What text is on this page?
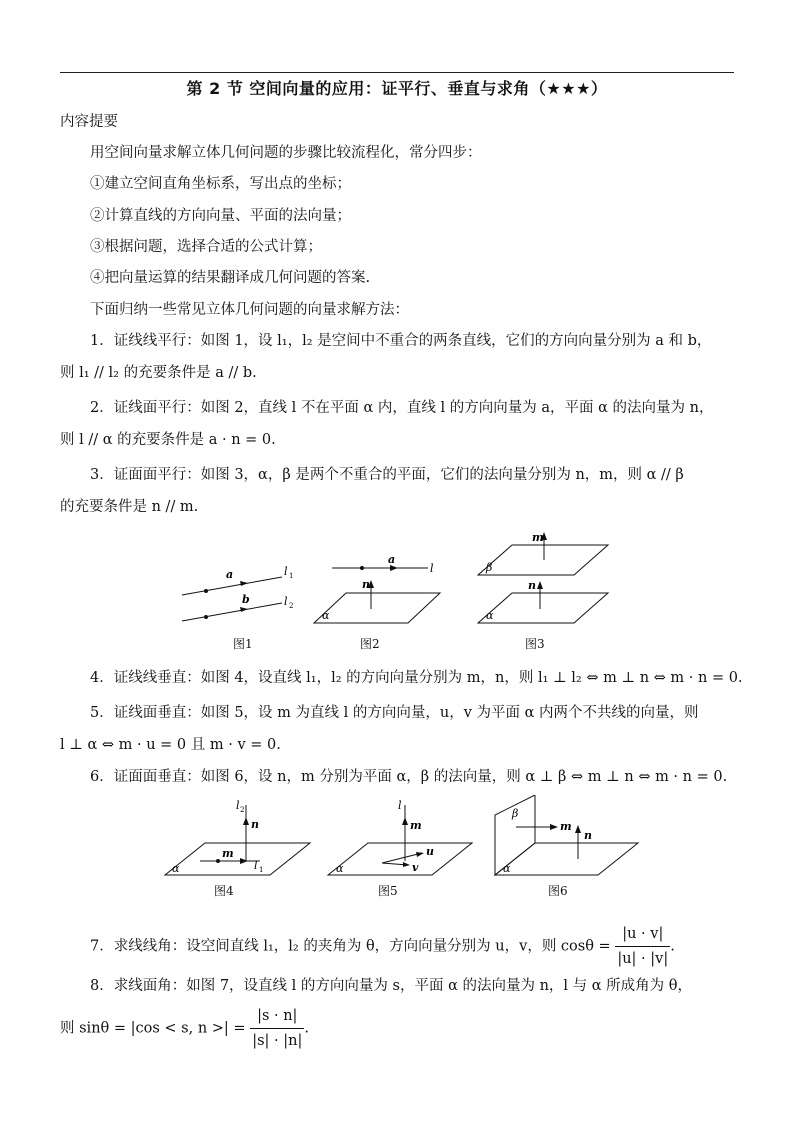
第 2 节 空间向量的应用：证平行、垂直与求角（★★★）
内容提要
用空间向量求解立体几何问题的步骤比较流程化，常分四步：
①建立空间直角坐标系，写出点的坐标；
②计算直线的方向向量、平面的法向量；
③根据问题，选择合适的公式计算；
④把向量运算的结果翻译成几何问题的答案.
下面归纳一些常见立体几何问题的向量求解方法：
1．证线线平行：如图 1，设 l₁，l₂ 是空间中不重合的两条直线，它们的方向向量分别为 a 和 b，
则 l₁ // l₂ 的充要条件是 a // b.
2．证线面平行：如图 2，直线 l 不在平面 α 内，直线 l 的方向向量为 a，平面 α 的法向量为 n，
则 l // α 的充要条件是 a · n = 0.
3．证面面平行：如图 3，α，β 是两个不重合的平面，它们的法向量分别为 n，m，则 α // β
的充要条件是 n // m.
a	l 1
b	l 2
a
l
n
α
m
β
n
α
图1	图2	图3
4．证线线垂直：如图 4，设直线 l₁，l₂ 的方向向量分别为 m，n，则 l₁ ⊥ l₂ ⇔ m ⊥ n ⇔ m · n = 0.
5．证线面垂直：如图 5，设 m 为直线 l 的方向向量，u，v 为平面 α 内两个不共线的向量，则
l ⊥ α ⇔ m · u = 0 且 m · v = 0.
6．证面面垂直：如图 6，设 n，m 分别为平面 α，β 的法向量，则 α ⊥ β ⇔ m ⊥ n ⇔ m · n = 0.
m
l 1
n
l 2
α
m
l
u
v
α
β
m
n
α
图4	图5	图6
7．求线线角：设空间直线 l₁，l₂ 的夹角为 θ，方向向量分别为 u，v，则 $\cos\theta = \frac{|u \cdot v|}{|u| \cdot |v|}$ .
8．求线面角：如图 7，设直线 l 的方向向量为 s，平面 α 的法向量为 n，l 与 α 所成角为 θ，
则 sinθ = |cos < s, n >| = $\frac{|s \cdot n|}{|s| \cdot |n|}$ .
